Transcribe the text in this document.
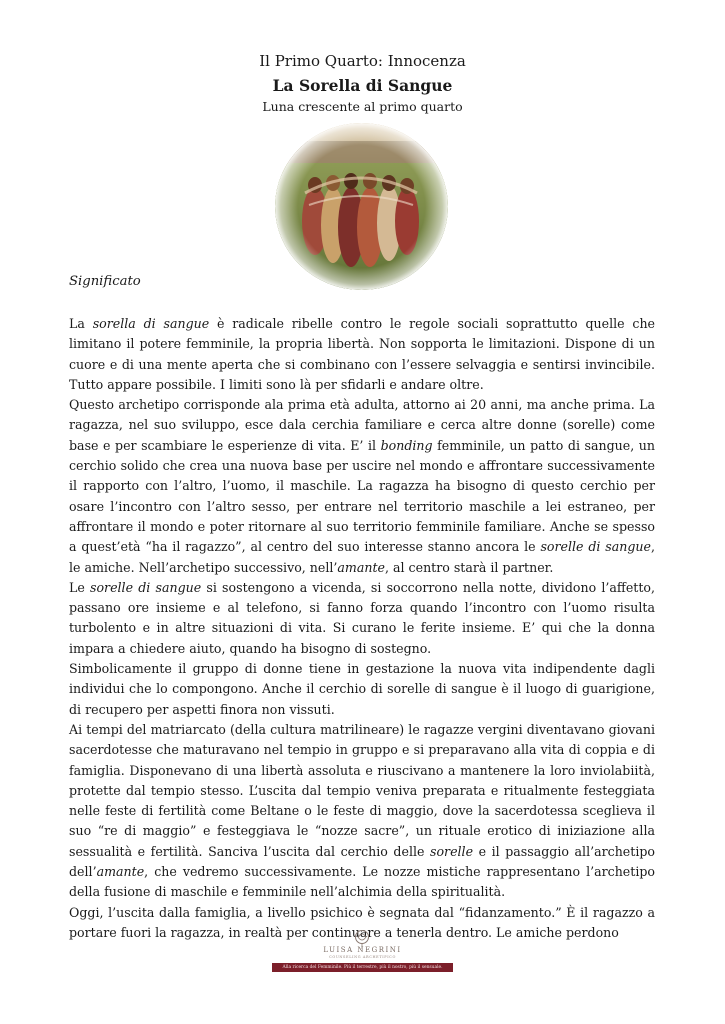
Il Primo Quarto: Innocenza
La Sorella di Sangue
Luna crescente al primo quarto
Significato

La sorella di sangue è radicale ribelle contro le regole sociali soprattutto quelle che limitano il potere femminile, la propria libertà. Non sopporta le limitazioni. Dispone di un cuore e di una mente aperta che si combinano con l’essere selvaggia e sentirsi invincibile. Tutto appare possibile. I limiti sono là per sfidarli e andare oltre.

Questo archetipo corrisponde ala prima età adulta, attorno ai 20 anni, ma anche prima. La ragazza, nel suo sviluppo, esce dala cerchia familiare e cerca altre donne (sorelle) come base e per scambiare le esperienze di vita. E’ il bonding femminile, un patto di sangue, un cerchio solido che crea una nuova base per uscire nel mondo e affrontare successivamente il rapporto con l’altro, l’uomo, il maschile. La ragazza ha bisogno di questo cerchio per osare l’incontro con l’altro sesso, per entrare nel territorio maschile a lei estraneo, per affrontare il mondo e poter ritornare al suo territorio femminile familiare. Anche se spesso a quest’età “ha il ragazzo”, al centro del suo interesse stanno ancora le sorelle di sangue, le amiche. Nell’archetipo successivo, nell’amante, al centro starà il partner.

Le sorelle di sangue si sostengono a vicenda, si soccorrono nella notte, dividono l’affetto, passano ore insieme e al telefono, si fanno forza quando l’incontro con l’uomo risulta turbolento e in altre situazioni di vita. Si curano le ferite insieme. E’ qui che la donna impara a chiedere aiuto, quando ha bisogno di sostegno.

Simbolicamente il gruppo di donne tiene in gestazione la nuova vita indipendente dagli individui che lo compongono. Anche il cerchio di sorelle di sangue è il luogo di guarigione, di recupero per aspetti finora non vissuti.

Ai tempi del matriarcato (della cultura matrilineare) le ragazze vergini diventavano giovani sacerdotesse che maturavano nel tempio in gruppo e si preparavano alla vita di coppia e di famiglia. Disponevano di una libertà assoluta e riuscivano a mantenere la loro inviolabiità, protette dal tempio stesso. L’uscita dal tempio veniva preparata e ritualmente festeggiata nelle feste di fertilità come Beltane o le feste di maggio, dove la sacerdotessa sceglieva il suo “re di maggio” e festeggiava le “nozze sacre”, un rituale erotico di iniziazione alla sessualità e fertilità. Sanciva l’uscita dal cerchio delle sorelle e il passaggio all’archetipo dell’amante, che vedremo successivamente. Le nozze mistiche rappresentano l’archetipo della fusione di maschile e femminile nell’alchimia della spiritualità.

Oggi, l’uscita dalla famiglia, a livello psichico è segnata dal “fidanzamento.” È il ragazzo a portare fuori la ragazza, in realtà per continuare a tenerla dentro. Le amiche perdono

LUISA NEGRINI
COUNSELING ARCHETIPICO
Alla ricerca del Femminile. Più il terrestre, più il nostro, più il sensuale.
